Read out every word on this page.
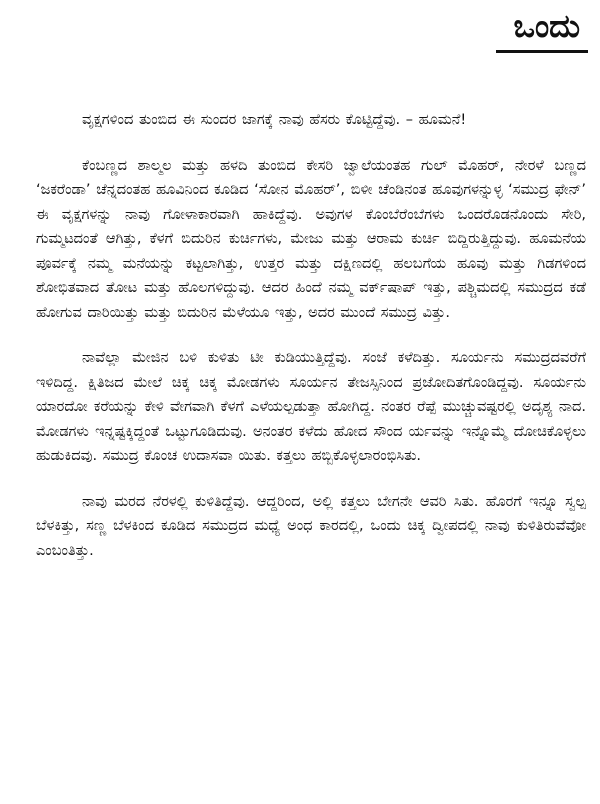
ಒಂದು

ವೃಕ್ಷಗಳಿಂದ ತುಂಬಿದ ಈ ಸುಂದರ ಜಾಗಕ್ಕೆ ನಾವು ಹೆಸರು ಕೊಟ್ಟಿದ್ದೆವು. – ಹೂಮನೆ!

ಕೆಂಬಣ್ಣದ ಶಾಲ್ಮಲ ಮತ್ತು ಹಳದಿ ತುಂಬಿದ ಕೇಸರಿ ಜ್ವಾಲೆಯಂತಹ ಗುಲ್ ಮೊಹರ್, ನೇರಳೆ ಬಣ್ಣದ ‘ಜಕರೆಂಡಾ’ ಚೆನ್ನದಂತಹ ಹೂವಿನಿಂದ ಕೂಡಿದ ‘ಸೋನ ಮೊಹರ್’, ಬಿಳೀ ಚೆಂಡಿನಂತ ಹೂವುಗಳನ್ನುಳ್ಳ ‘ಸಮುದ್ರ ಫೇನ್’ ಈ ವೃಕ್ಷಗಳನ್ನು ನಾವು ಗೋಳಾಕಾರವಾಗಿ ಹಾಕಿದ್ದೆವು. ಅವುಗಳ ಕೊಂಬೆರೆಂಬೆಗಳು ಒಂದರೊಡನೊಂದು ಸೇರಿ, ಗುಮ್ಮಟದಂತೆ ಆಗಿತ್ತು, ಕೆಳಗೆ ಬಿದುರಿನ ಕುರ್ಚಿಗಳು, ಮೇಜು ಮತ್ತು ಆರಾಮ ಕುರ್ಚಿ ಬಿದ್ದಿರುತ್ತಿದ್ದುವು. ಹೂಮನೆಯ ಪೂರ್ವಕ್ಕೆ ನಮ್ಮ ಮನೆಯನ್ನು ಕಟ್ಟಲಾಗಿತ್ತು, ಉತ್ತರ ಮತ್ತು ದಕ್ಷಿಣದಲ್ಲಿ ಹಲಬಗೆಯ ಹೂವು ಮತ್ತು ಗಿಡಗಳಿಂದ ಶೋಭಿತವಾದ ತೋಟ ಮತ್ತು ಹೊಲಗಳಿದ್ದುವು. ಆದರ ಹಿಂದೆ ನಮ್ಮ ವರ್ಕ್‌ಷಾಪ್ ಇತ್ತು, ಪಶ್ಚಿಮದಲ್ಲಿ ಸಮುದ್ರದ ಕಡೆ ಹೋಗುವ ದಾರಿಯಿತ್ತು ಮತ್ತು ಬಿದುರಿನ ಮೆಳೆಯೂ ಇತ್ತು, ಅದರ ಮುಂದೆ ಸಮುದ್ರ ವಿತ್ತು.

ನಾವೆಲ್ಲಾ ಮೇಜಿನ ಬಳಿ ಕುಳಿತು ಟೀ ಕುಡಿಯುತ್ತಿದ್ದೆವು. ಸಂಜೆ ಕಳೆದಿತ್ತು. ಸೂರ್ಯನು ಸಮುದ್ರದವರೆಗೆ ಇಳಿದಿದ್ದ. ಕ್ಷಿತಿಜದ ಮೇಲೆ ಚಿಕ್ಕ ಚಿಕ್ಕ ಮೋಡಗಳು ಸೂರ್ಯನ ತೇಜಸ್ಸಿನಿಂದ ಪ್ರಜೋದಿತಗೊಂಡಿದ್ದವು. ಸೂರ್ಯನು ಯಾರದೋ ಕರೆಯನ್ನು ಕೇಳಿ ವೇಗವಾಗಿ ಕೆಳಗೆ ಎಳೆಯಲ್ಪಡುತ್ತಾ ಹೋಗಿದ್ದ. ನಂತರ ರೆಪ್ಪೆ ಮುಚ್ಚುವಷ್ಟರಲ್ಲಿ ಅದೃಶ್ಯ ನಾದ. ಮೋಡಗಳು ಇನ್ನಷ್ಟಕ್ಕಿದ್ದಂತೆ ಒಟ್ಟುಗೂಡಿದುವು. ಅನಂತರ ಕಳೆದು ಹೋದ ಸೌಂದ ರ್ಯವನ್ನು ಇನ್ನೊಮ್ಮೆ ದೋಚಿಕೊಳ್ಳಲು ಹುಡುಕಿದವು. ಸಮುದ್ರ ಕೊಂಚ ಉದಾಸವಾ ಯಿತು. ಕತ್ತಲು ಹಬ್ಬಿಕೊಳ್ಳಲಾರಂಭಿಸಿತು.

ನಾವು ಮರದ ನೆರಳಲ್ಲಿ ಕುಳಿತಿದ್ದೆವು. ಆದ್ದರಿಂದ, ಅಲ್ಲಿ ಕತ್ತಲು ಬೇಗನೇ ಆವರಿ ಸಿತು. ಹೊರಗೆ ಇನ್ನೂ ಸ್ವಲ್ಪ ಬೆಳಕಿತ್ತು, ಸಣ್ಣ ಬೆಳಕಿಂದ ಕೂಡಿದ ಸಮುದ್ರದ ಮಧ್ಯೆ ಅಂಧ ಕಾರದಲ್ಲಿ, ಒಂದು ಚಿಕ್ಕ ದ್ವೀಪದಲ್ಲಿ ನಾವು ಕುಳಿತಿರುವೆವೋ ಎಂಬಂತಿತ್ತು.
